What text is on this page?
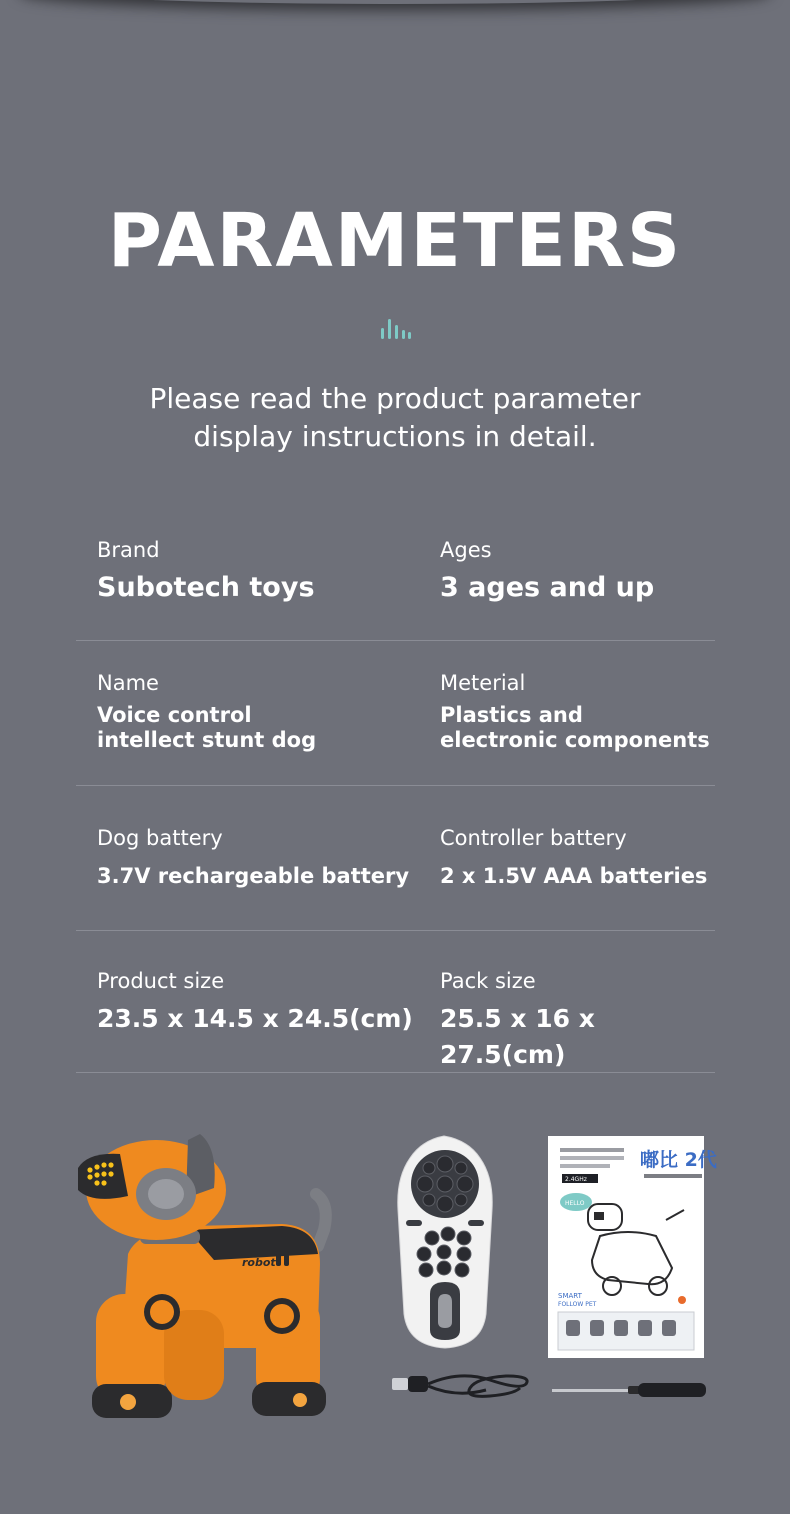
PARAMETERS
Please read the product parameter
display instructions in detail.
Brand
Subotech toys
Ages
3 ages and up
Name
Voice control
intellect stunt dog
Meterial
Plastics and
electronic components
Dog battery
3.7V rechargeable battery
Controller battery
2 x 1.5V AAA batteries
Product size
23.5 x 14.5 x 24.5(cm)
Pack size
25.5 x 16 x 27.5(cm)
robot
2.4GHz
嘟比 2代
HELLO
SMART
FOLLOW PET
